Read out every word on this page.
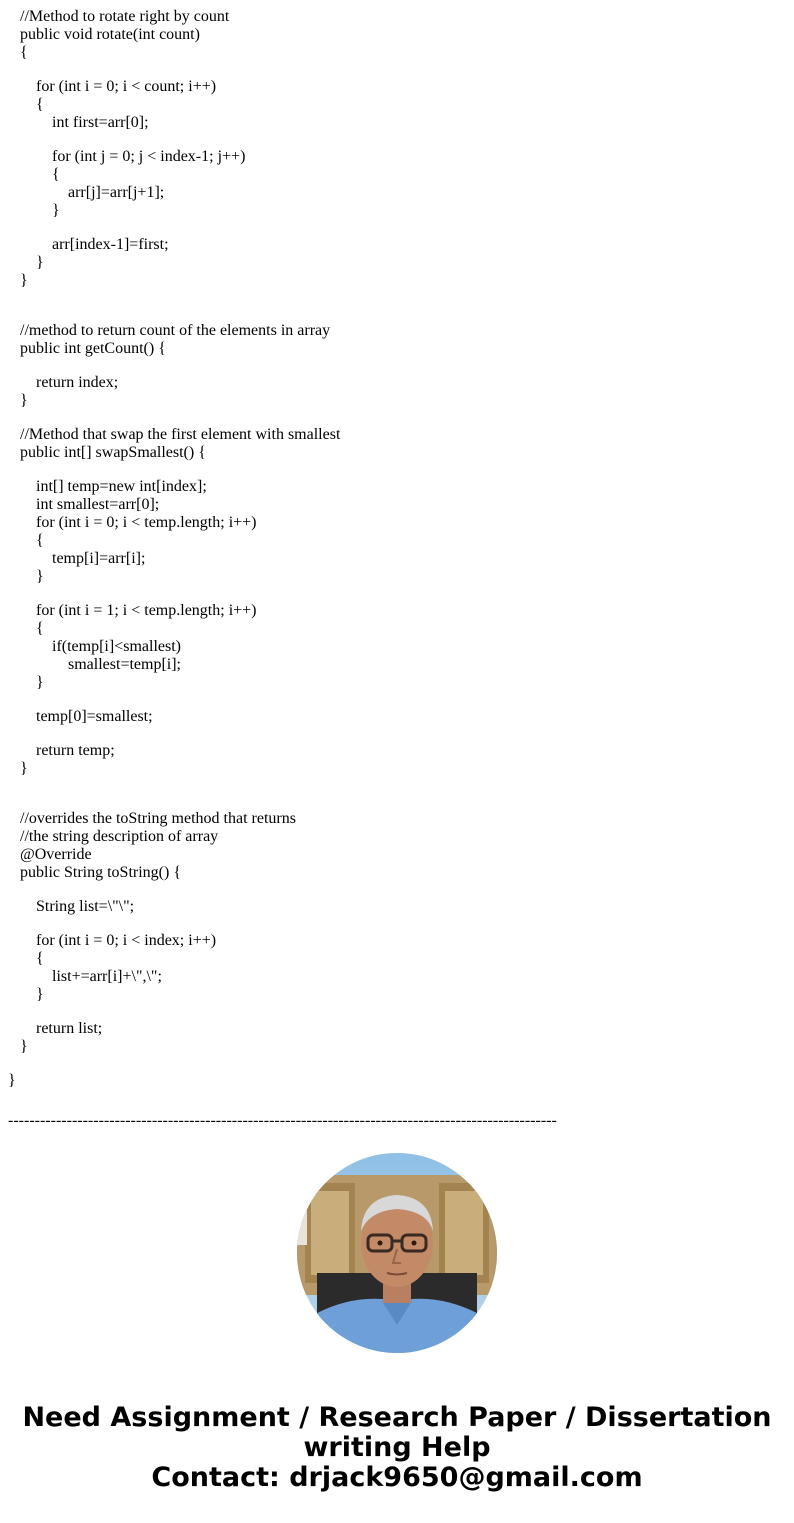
//Method to rotate right by count
public void rotate(int count)
{
for (int i = 0; i < count; i++)
{
int first=arr[0];
for (int j = 0; j < index-1; j++)
{
arr[j]=arr[j+1];
}
arr[index-1]=first;
}
}
//method to return count of the elements in array
public int getCount() {
return index;
}
//Method that swap the first element with smallest
public int[] swapSmallest() {
int[] temp=new int[index];
int smallest=arr[0];
for (int i = 0; i < temp.length; i++)
{
temp[i]=arr[i];
}
for (int i = 1; i < temp.length; i++)
{
if(temp[i]<smallest)
smallest=temp[i];
}
temp[0]=smallest;
return temp;
}
//overrides the toString method that returns
//the string description of array
@Override
public String toString() {
String list=\"\";
for (int i = 0; i < index; i++)
{
list+=arr[i]+\",\";
}
return list;
}
}
-------------------------------------------------------------------------------------------------------
Need Assignment / Research Paper / Dissertation
writing Help
Contact: drjack9650@gmail.com
